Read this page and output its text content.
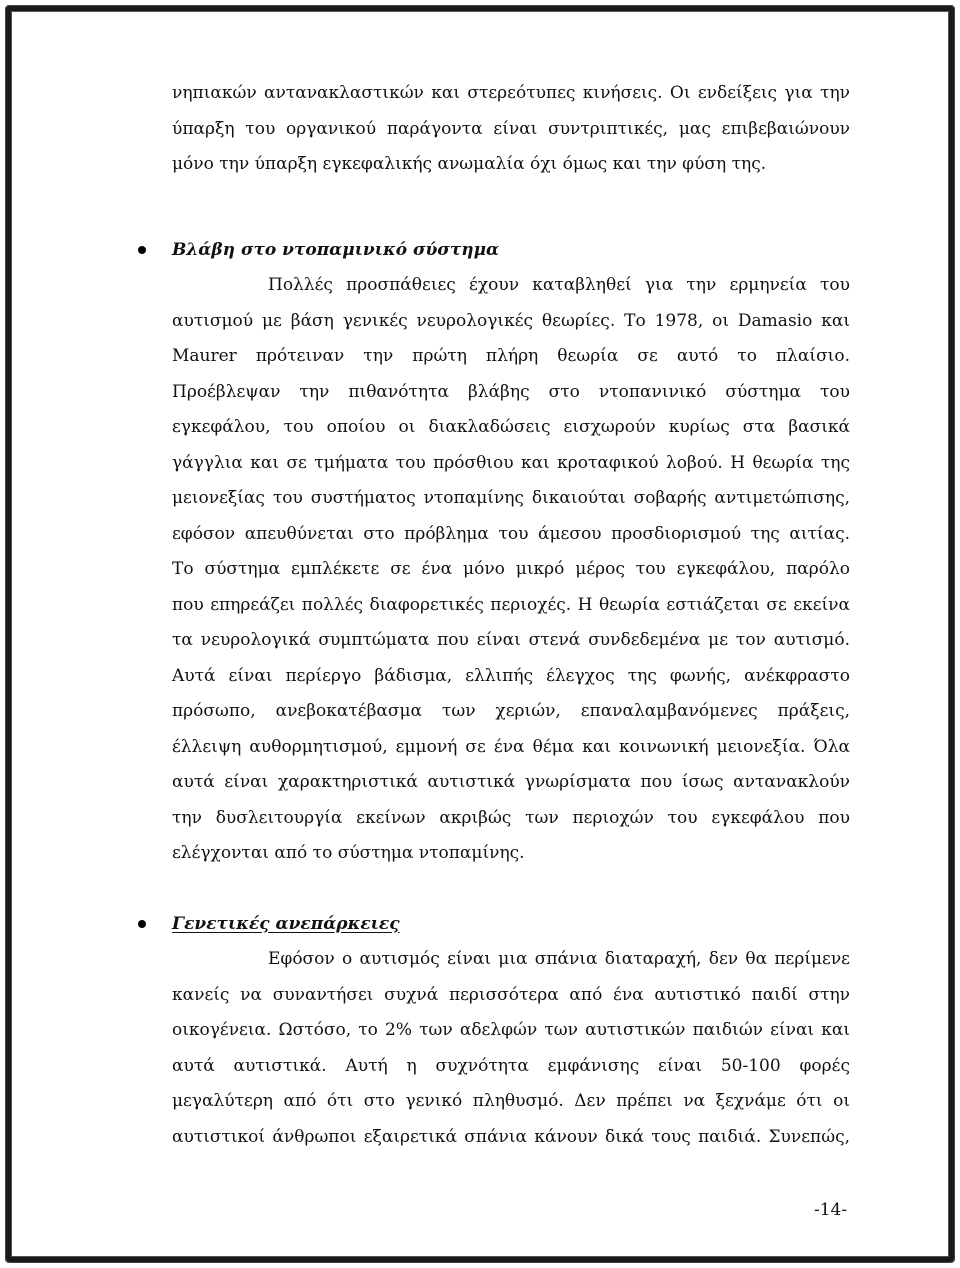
νηπιακών αντανακλαστικών και στερεότυπες κινήσεις. Οι ενδείξεις για την
ύπαρξη του οργανικού παράγοντα είναι συντριπτικές, μας επιβεβαιώνουν
μόνο την ύπαρξη εγκεφαλικής ανωμαλία όχι όμως και την φύση της.
Βλάβη στο ντοπαμινικό σύστημα
Πολλές προσπάθειες έχουν καταβληθεί για την ερμηνεία του
αυτισμού με βάση γενικές νευρολογικές θεωρίες. Το 1978, οι Damasio και
Maurer πρότειναν την πρώτη πλήρη θεωρία σε αυτό το πλαίσιο.
Προέβλεψαν την πιθανότητα βλάβης στο ντοπανινικό σύστημα του
εγκεφάλου, του οποίου οι διακλαδώσεις εισχωρούν κυρίως στα βασικά
γάγγλια και σε τμήματα του πρόσθιου και κροταφικού λοβού. Η θεωρία της
μειονεξίας του συστήματος ντοπαμίνης δικαιούται σοβαρής αντιμετώπισης,
εφόσον απευθύνεται στο πρόβλημα του άμεσου προσδιορισμού της αιτίας.
Το σύστημα εμπλέκετε σε ένα μόνο μικρό μέρος του εγκεφάλου, παρόλο
που επηρεάζει πολλές διαφορετικές περιοχές. Η θεωρία εστιάζεται σε εκείνα
τα νευρολογικά συμπτώματα που είναι στενά συνδεδεμένα με τον αυτισμό.
Αυτά είναι περίεργο βάδισμα, ελλιπής έλεγχος της φωνής, ανέκφραστο
πρόσωπο, ανεβοκατέβασμα των χεριών, επαναλαμβανόμενες πράξεις,
έλλειψη αυθορμητισμού, εμμονή σε ένα θέμα και κοινωνική μειονεξία. Όλα
αυτά είναι χαρακτηριστικά αυτιστικά γνωρίσματα που ίσως αντανακλούν
την δυσλειτουργία εκείνων ακριβώς των περιοχών του εγκεφάλου που
ελέγχονται από το σύστημα ντοπαμίνης.
Γενετικές ανεπάρκειες
Εφόσον ο αυτισμός είναι μια σπάνια διαταραχή, δεν θα περίμενε
κανείς να συναντήσει συχνά περισσότερα από ένα αυτιστικό παιδί στην
οικογένεια. Ωστόσο, το 2% των αδελφών των αυτιστικών παιδιών είναι και
αυτά αυτιστικά. Αυτή η συχνότητα εμφάνισης είναι 50-100 φορές
μεγαλύτερη από ότι στο γενικό πληθυσμό. Δεν πρέπει να ξεχνάμε ότι οι
αυτιστικοί άνθρωποι εξαιρετικά σπάνια κάνουν δικά τους παιδιά. Συνεπώς,
-14-
